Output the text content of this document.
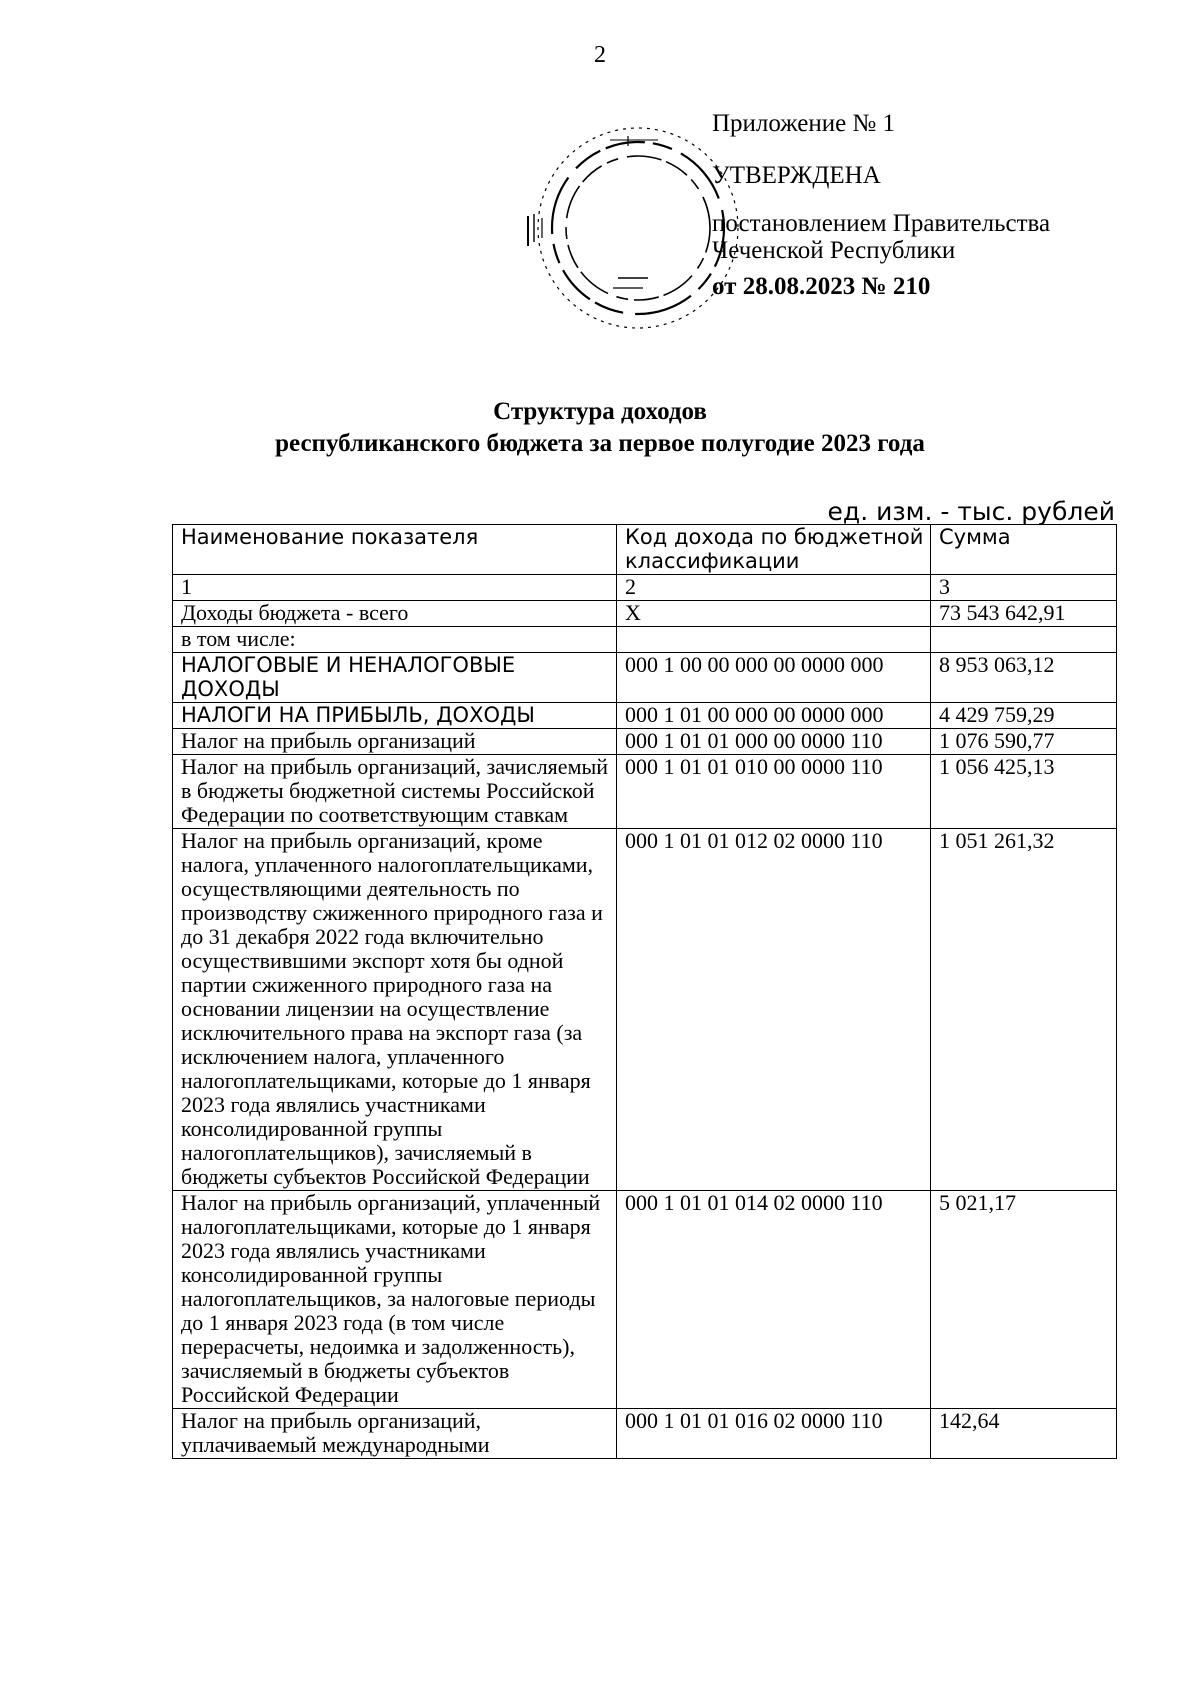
2
Приложение № 1
УТВЕРЖДЕНА
постановлением Правительства
Чеченской Республики
от 28.08.2023 № 210
Структура доходов
республиканского бюджета за первое полугодие 2023 года
ед. изм. - тыс. рублей
Наименование показателя	Код дохода по бюджетной классификации	Сумма
1	2	3
Доходы бюджета - всего	X	73 543 642,91
в том числе:		
НАЛОГОВЫЕ И НЕНАЛОГОВЫЕ ДОХОДЫ	000 1 00 00 000 00 0000 000	8 953 063,12
НАЛОГИ НА ПРИБЫЛЬ, ДОХОДЫ	000 1 01 00 000 00 0000 000	4 429 759,29
Налог на прибыль организаций	000 1 01 01 000 00 0000 110	1 076 590,77
Налог на прибыль организаций, зачисляемый в бюджеты бюджетной системы Российской Федерации по соответствующим ставкам	000 1 01 01 010 00 0000 110	1 056 425,13
Налог на прибыль организаций, кроме налога, уплаченного налогоплательщиками, осуществляющими деятельность по производству сжиженного природного газа и до 31 декабря 2022 года включительно осуществившими экспорт хотя бы одной партии сжиженного природного газа на основании лицензии на осуществление исключительного права на экспорт газа (за исключением налога, уплаченного налогоплательщиками, которые до 1 января 2023 года являлись участниками консолидированной группы налогоплательщиков), зачисляемый в бюджеты субъектов Российской Федерации	000 1 01 01 012 02 0000 110	1 051 261,32
Налог на прибыль организаций, уплаченный налогоплательщиками, которые до 1 января 2023 года являлись участниками консолидированной группы налогоплательщиков, за налоговые периоды до 1 января 2023 года (в том числе перерасчеты, недоимка и задолженность), зачисляемый в бюджеты субъектов Российской Федерации	000 1 01 01 014 02 0000 110	5 021,17
Налог на прибыль организаций, уплачиваемый международными	000 1 01 01 016 02 0000 110	142,64
